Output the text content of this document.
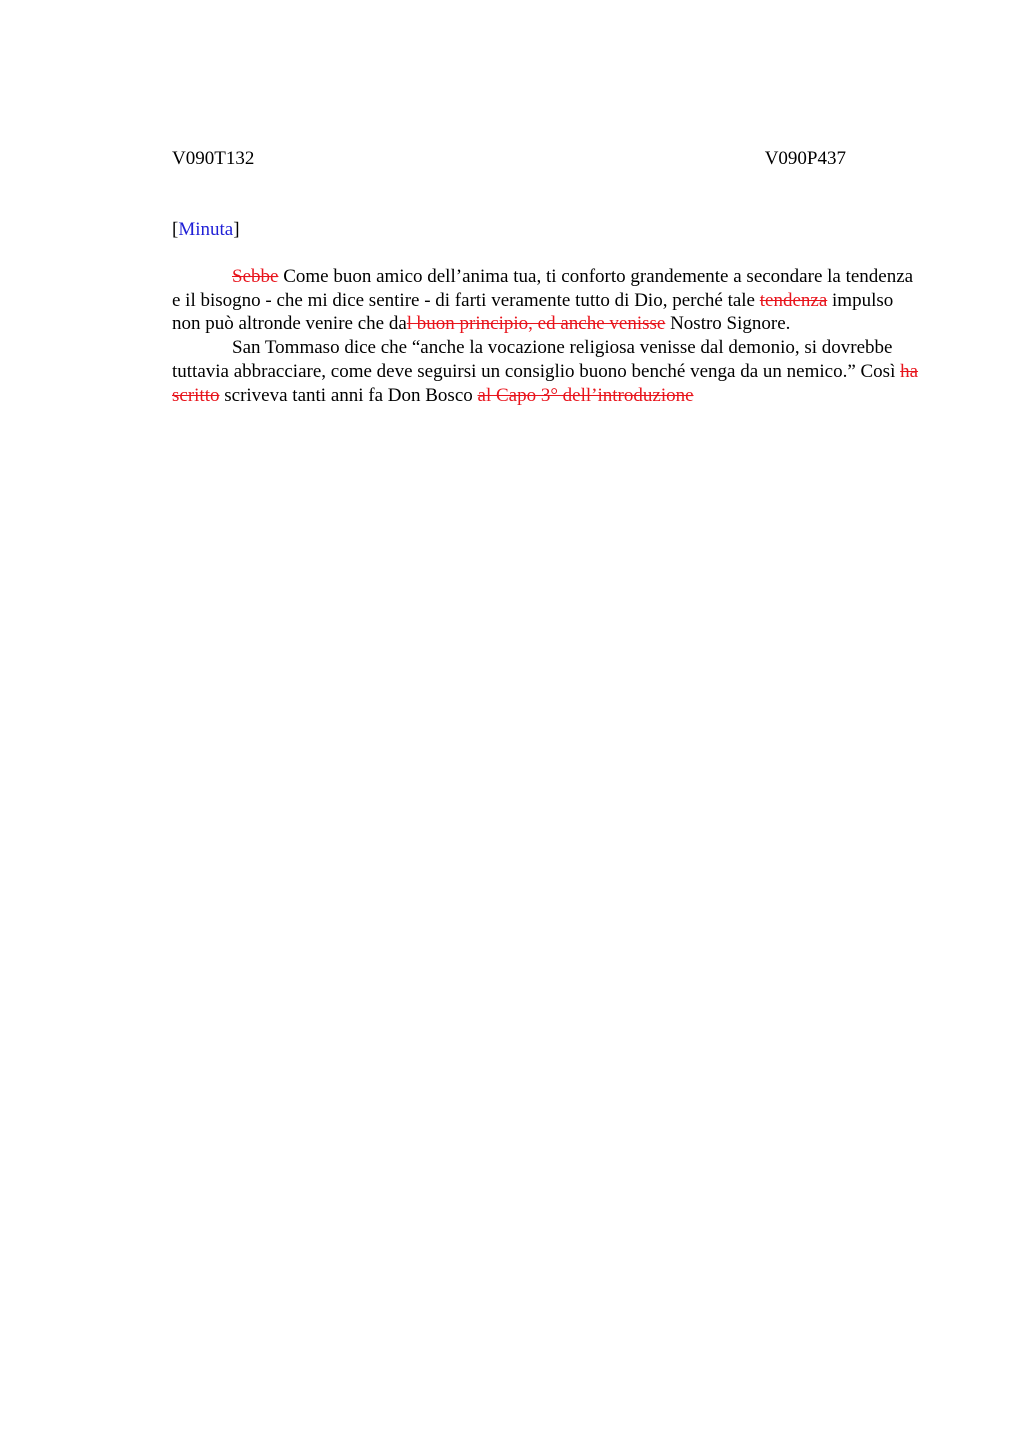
V090T132	V090P437
[Minuta]

Sebbe Come buon amico dell’anima tua, ti conforto grandemente a secondare la tendenza e il bisogno - che mi dice sentire - di farti veramente tutto di Dio, perché tale tendenza impulso non può altronde venire che dal buon principio, ed anche venisse Nostro Signore.

San Tommaso dice che “anche la vocazione religiosa venisse dal demonio, si dovrebbe tuttavia abbracciare, come deve seguirsi un consiglio buono benché venga da un nemico.” Così ha scritto scriveva tanti anni fa Don Bosco al Capo 3° dell’introduzione
